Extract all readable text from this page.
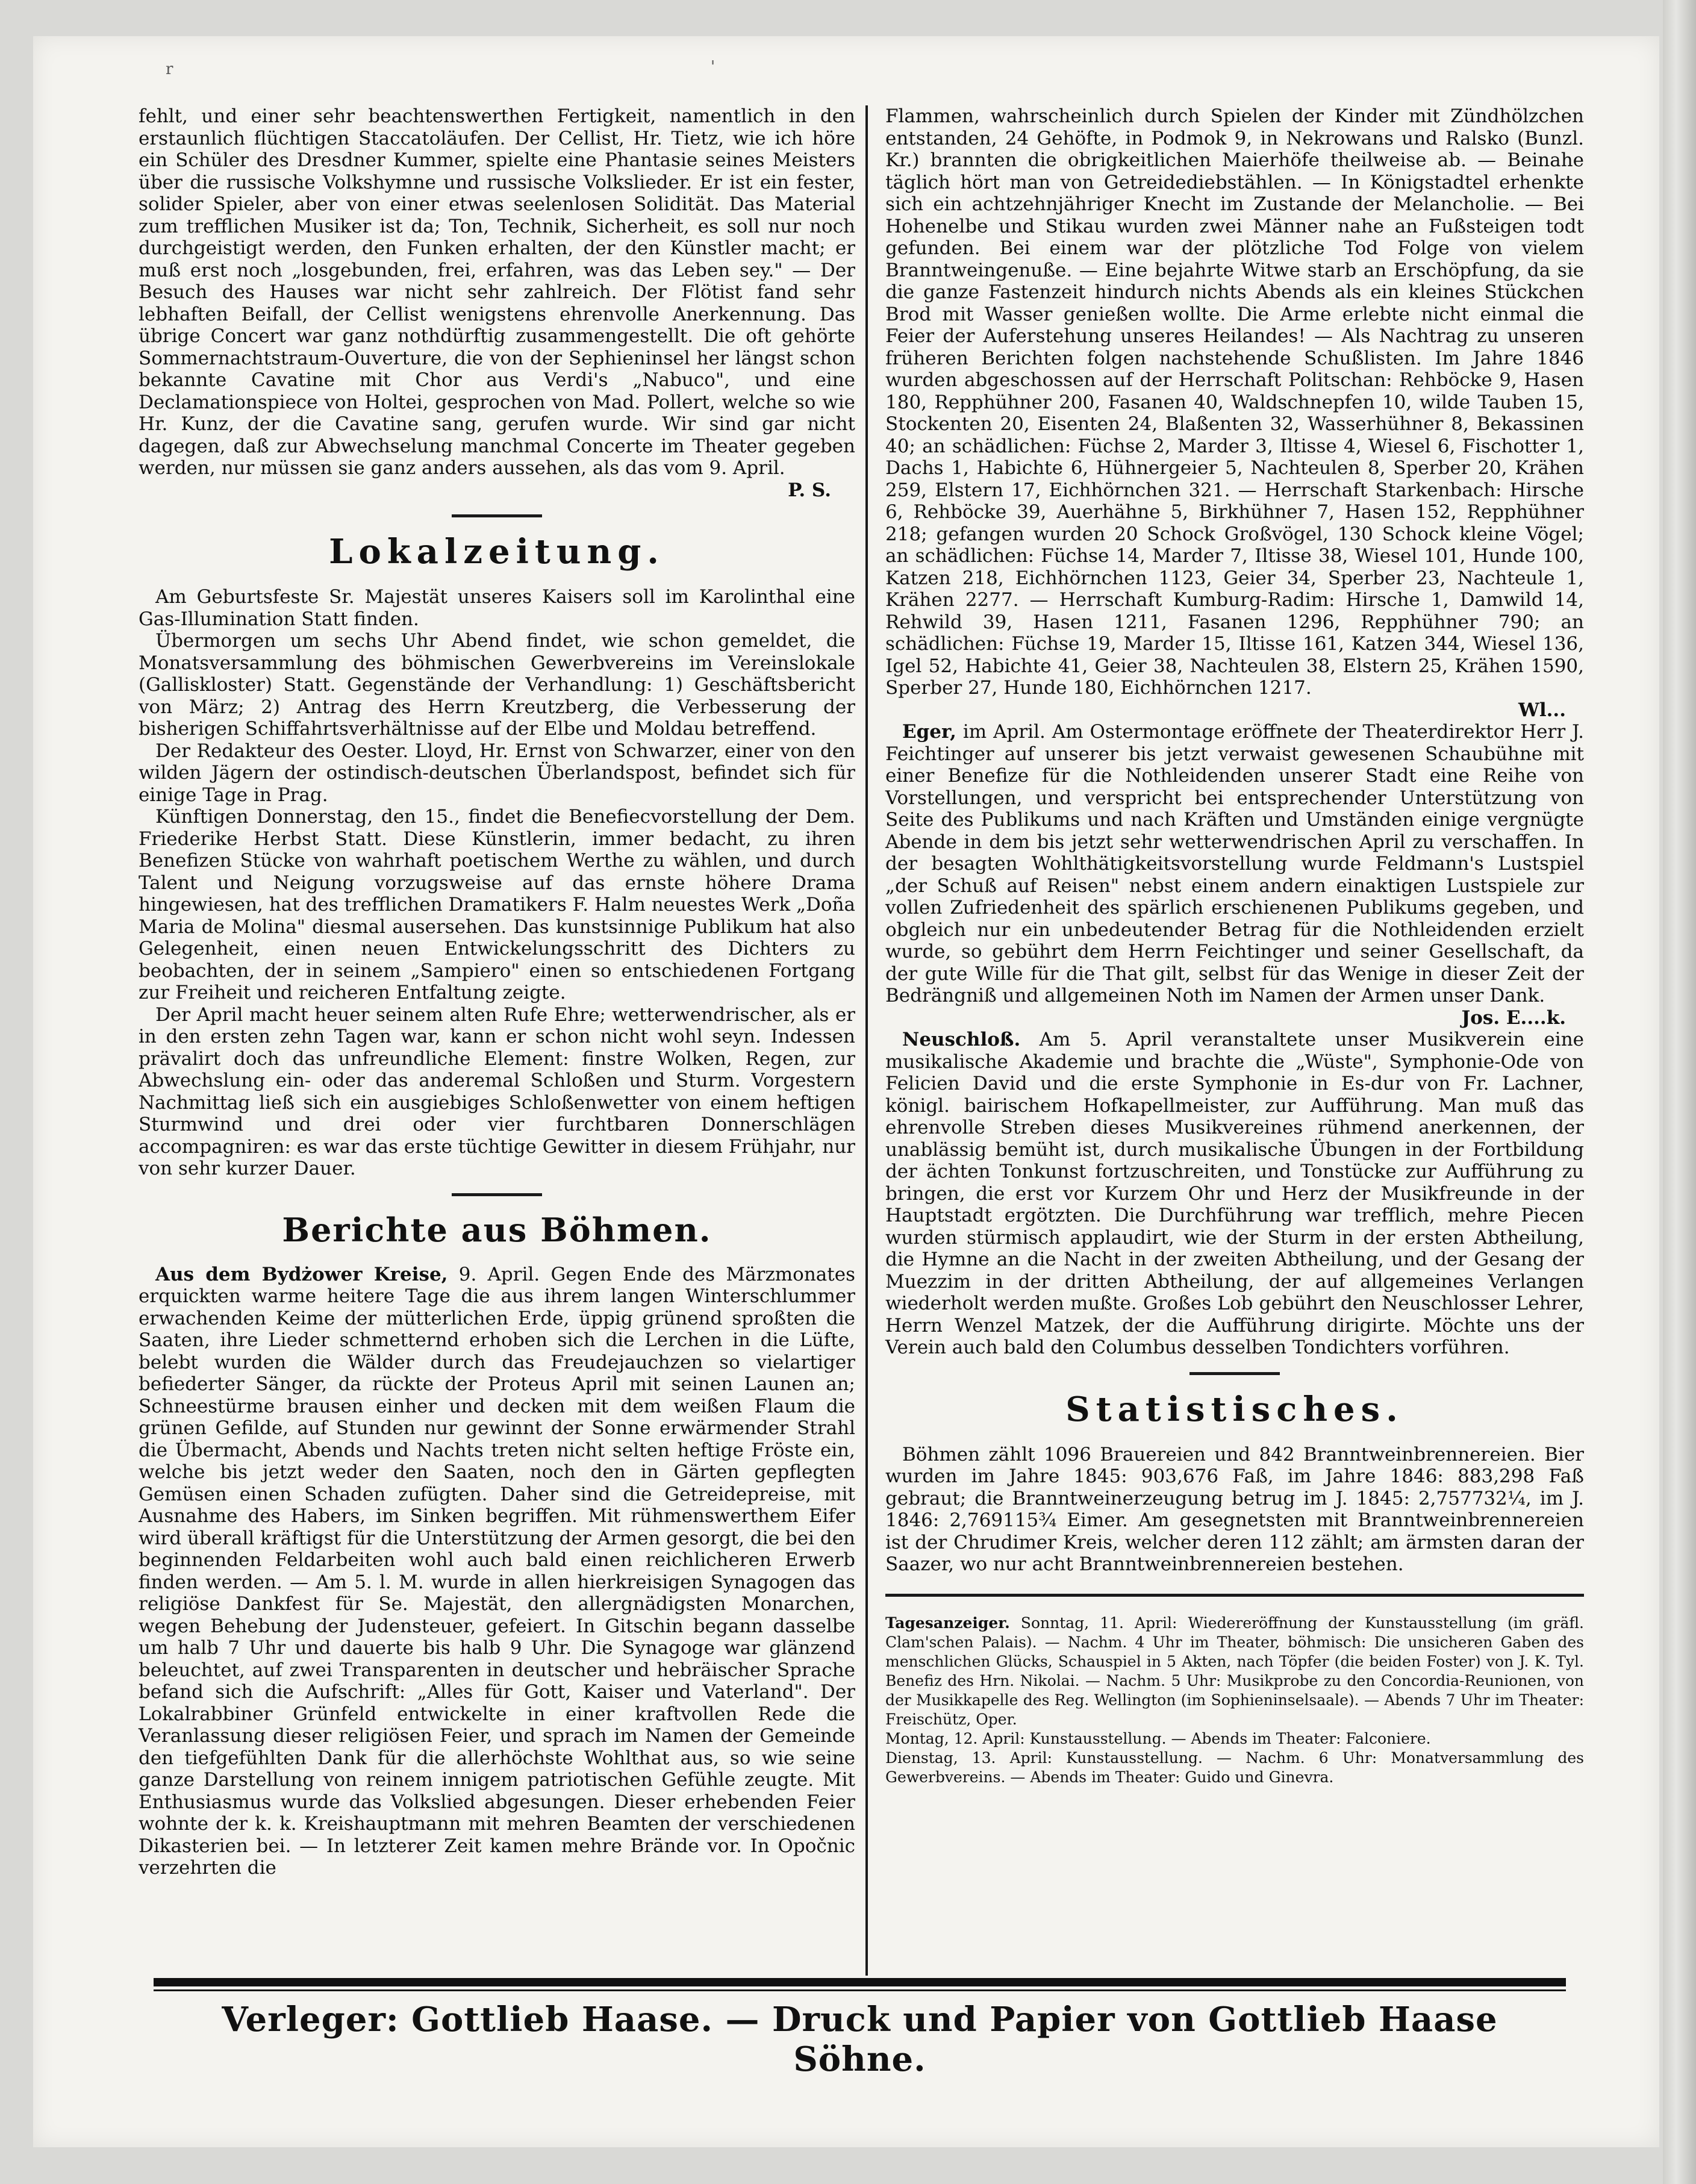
r	'

fehlt, und einer sehr beachtenswerthen Fertigkeit, namentlich in den erstaunlich flüchtigen Staccatoläufen. Der Cellist, Hr. Tietz, wie ich höre ein Schüler des Dresdner Kummer, spielte eine Phantasie seines Meisters über die russische Volkshymne und russische Volkslieder. Er ist ein fester, solider Spieler, aber von einer etwas seelenlosen Solidität. Das Material zum trefflichen Musiker ist da; Ton, Technik, Sicherheit, es soll nur noch durchgeistigt werden, den Funken erhalten, der den Künstler macht; er muß erst noch „losgebunden, frei, erfahren, was das Leben sey." — Der Besuch des Hauses war nicht sehr zahlreich. Der Flötist fand sehr lebhaften Beifall, der Cellist wenigstens ehrenvolle Anerkennung. Das übrige Concert war ganz nothdürftig zusammengestellt. Die oft gehörte Sommernachtstraum-Ouverture, die von der Sephieninsel her längst schon bekannte Cavatine mit Chor aus Verdi's „Nabuco", und eine Declamationspiece von Holtei, gesprochen von Mad. Pollert, welche so wie Hr. Kunz, der die Cavatine sang, gerufen wurde. Wir sind gar nicht dagegen, daß zur Abwechselung manchmal Concerte im Theater gegeben werden, nur müssen sie ganz anders aussehen, als das vom 9. April.

P. S.

Lokalzeitung.

Am Geburtsfeste Sr. Majestät unseres Kaisers soll im Karolinthal eine Gas-Illumination Statt finden.

Übermorgen um sechs Uhr Abend findet, wie schon gemeldet, die Monatsversammlung des böhmischen Gewerbvereins im Vereinslokale (Galliskloster) Statt. Gegenstände der Verhandlung: 1) Geschäftsbericht von März; 2) Antrag des Herrn Kreutzberg, die Verbesserung der bisherigen Schiffahrtsverhältnisse auf der Elbe und Moldau betreffend.

Der Redakteur des Oester. Lloyd, Hr. Ernst von Schwarzer, einer von den wilden Jägern der ostindisch-deutschen Überlandspost, befindet sich für einige Tage in Prag.

Künftigen Donnerstag, den 15., findet die Benefiecvorstellung der Dem. Friederike Herbst Statt. Diese Künstlerin, immer bedacht, zu ihren Benefizen Stücke von wahrhaft poetischem Werthe zu wählen, und durch Talent und Neigung vorzugsweise auf das ernste höhere Drama hingewiesen, hat des trefflichen Dramatikers F. Halm neuestes Werk „Doña Maria de Molina" diesmal ausersehen. Das kunstsinnige Publikum hat also Gelegenheit, einen neuen Entwickelungsschritt des Dichters zu beobachten, der in seinem „Sampiero" einen so entschiedenen Fortgang zur Freiheit und reicheren Entfaltung zeigte.

Der April macht heuer seinem alten Rufe Ehre; wetterwendrischer, als er in den ersten zehn Tagen war, kann er schon nicht wohl seyn. Indessen prävalirt doch das unfreundliche Element: finstre Wolken, Regen, zur Abwechslung ein- oder das anderemal Schloßen und Sturm. Vorgestern Nachmittag ließ sich ein ausgiebiges Schloßenwetter von einem heftigen Sturmwind und drei oder vier furchtbaren Donnerschlägen accompagniren: es war das erste tüchtige Gewitter in diesem Frühjahr, nur von sehr kurzer Dauer.

Berichte aus Böhmen.

Aus dem Bydżower Kreise, 9. April. Gegen Ende des Märzmonates erquickten warme heitere Tage die aus ihrem langen Winterschlummer erwachenden Keime der mütterlichen Erde, üppig grünend sproßten die Saaten, ihre Lieder schmetternd erhoben sich die Lerchen in die Lüfte, belebt wurden die Wälder durch das Freudejauchzen so vielartiger befiederter Sänger, da rückte der Proteus April mit seinen Launen an; Schneestürme brausen einher und decken mit dem weißen Flaum die grünen Gefilde, auf Stunden nur gewinnt der Sonne erwärmender Strahl die Übermacht, Abends und Nachts treten nicht selten heftige Fröste ein, welche bis jetzt weder den Saaten, noch den in Gärten gepflegten Gemüsen einen Schaden zufügten. Daher sind die Getreidepreise, mit Ausnahme des Habers, im Sinken begriffen. Mit rühmenswerthem Eifer wird überall kräftigst für die Unterstützung der Armen gesorgt, die bei den beginnenden Feldarbeiten wohl auch bald einen reichlicheren Erwerb finden werden. — Am 5. l. M. wurde in allen hierkreisigen Synagogen das religiöse Dankfest für Se. Majestät, den allergnädigsten Monarchen, wegen Behebung der Judensteuer, gefeiert. In Gitschin begann dasselbe um halb 7 Uhr und dauerte bis halb 9 Uhr. Die Synagoge war glänzend beleuchtet, auf zwei Transparenten in deutscher und hebräischer Sprache befand sich die Aufschrift: „Alles für Gott, Kaiser und Vaterland". Der Lokalrabbiner Grünfeld entwickelte in einer kraftvollen Rede die Veranlassung dieser religiösen Feier, und sprach im Namen der Gemeinde den tiefgefühlten Dank für die allerhöchste Wohlthat aus, so wie seine ganze Darstellung von reinem innigem patriotischen Gefühle zeugte. Mit Enthusiasmus wurde das Volkslied abgesungen. Dieser erhebenden Feier wohnte der k. k. Kreishauptmann mit mehren Beamten der verschiedenen Dikasterien bei. — In letzterer Zeit kamen mehre Brände vor. In Opočnic verzehrten die

Flammen, wahrscheinlich durch Spielen der Kinder mit Zündhölzchen entstanden, 24 Gehöfte, in Podmok 9, in Nekrowans und Ralsko (Bunzl. Kr.) brannten die obrigkeitlichen Maierhöfe theilweise ab. — Beinahe täglich hört man von Getreidediebstählen. — In Königstadtel erhenkte sich ein achtzehnjähriger Knecht im Zustande der Melancholie. — Bei Hohenelbe und Stikau wurden zwei Männer nahe an Fußsteigen todt gefunden. Bei einem war der plötzliche Tod Folge von vielem Branntweingenuße. — Eine bejahrte Witwe starb an Erschöpfung, da sie die ganze Fastenzeit hindurch nichts Abends als ein kleines Stückchen Brod mit Wasser genießen wollte. Die Arme erlebte nicht einmal die Feier der Auferstehung unseres Heilandes! — Als Nachtrag zu unseren früheren Berichten folgen nachstehende Schußlisten. Im Jahre 1846 wurden abgeschossen auf der Herrschaft Politschan: Rehböcke 9, Hasen 180, Repphühner 200, Fasanen 40, Waldschnepfen 10, wilde Tauben 15, Stockenten 20, Eisenten 24, Blaßenten 32, Wasserhühner 8, Bekassinen 40; an schädlichen: Füchse 2, Marder 3, Iltisse 4, Wiesel 6, Fischotter 1, Dachs 1, Habichte 6, Hühnergeier 5, Nachteulen 8, Sperber 20, Krähen 259, Elstern 17, Eichhörnchen 321. — Herrschaft Starkenbach: Hirsche 6, Rehböcke 39, Auerhähne 5, Birkhühner 7, Hasen 152, Repphühner 218; gefangen wurden 20 Schock Großvögel, 130 Schock kleine Vögel; an schädlichen: Füchse 14, Marder 7, Iltisse 38, Wiesel 101, Hunde 100, Katzen 218, Eichhörnchen 1123, Geier 34, Sperber 23, Nachteule 1, Krähen 2277. — Herrschaft Kumburg-Radim: Hirsche 1, Damwild 14, Rehwild 39, Hasen 1211, Fasanen 1296, Repphühner 790; an schädlichen: Füchse 19, Marder 15, Iltisse 161, Katzen 344, Wiesel 136, Igel 52, Habichte 41, Geier 38, Nachteulen 38, Elstern 25, Krähen 1590, Sperber 27, Hunde 180, Eichhörnchen 1217.

Wl...

Eger, im April. Am Ostermontage eröffnete der Theaterdirektor Herr J. Feichtinger auf unserer bis jetzt verwaist gewesenen Schaubühne mit einer Benefize für die Nothleidenden unserer Stadt eine Reihe von Vorstellungen, und verspricht bei entsprechender Unterstützung von Seite des Publikums und nach Kräften und Umständen einige vergnügte Abende in dem bis jetzt sehr wetterwendrischen April zu verschaffen. In der besagten Wohlthätigkeitsvorstellung wurde Feldmann's Lustspiel „der Schuß auf Reisen" nebst einem andern einaktigen Lustspiele zur vollen Zufriedenheit des spärlich erschienenen Publikums gegeben, und obgleich nur ein unbedeutender Betrag für die Nothleidenden erzielt wurde, so gebührt dem Herrn Feichtinger und seiner Gesellschaft, da der gute Wille für die That gilt, selbst für das Wenige in dieser Zeit der Bedrängniß und allgemeinen Noth im Namen der Armen unser Dank.

Jos. E....k.

Neuschloß. Am 5. April veranstaltete unser Musikverein eine musikalische Akademie und brachte die „Wüste", Symphonie-Ode von Felicien David und die erste Symphonie in Es-dur von Fr. Lachner, königl. bairischem Hofkapellmeister, zur Aufführung. Man muß das ehrenvolle Streben dieses Musikvereines rühmend anerkennen, der unablässig bemüht ist, durch musikalische Übungen in der Fortbildung der ächten Tonkunst fortzuschreiten, und Tonstücke zur Aufführung zu bringen, die erst vor Kurzem Ohr und Herz der Musikfreunde in der Hauptstadt ergötzten. Die Durchführung war trefflich, mehre Piecen wurden stürmisch applaudirt, wie der Sturm in der ersten Abtheilung, die Hymne an die Nacht in der zweiten Abtheilung, und der Gesang der Muezzim in der dritten Abtheilung, der auf allgemeines Verlangen wiederholt werden mußte. Großes Lob gebührt den Neuschlosser Lehrer, Herrn Wenzel Matzek, der die Aufführung dirigirte. Möchte uns der Verein auch bald den Columbus desselben Tondichters vorführen.

Statistisches.

Böhmen zählt 1096 Brauereien und 842 Branntweinbrennereien. Bier wurden im Jahre 1845: 903,676 Faß, im Jahre 1846: 883,298 Faß gebraut; die Branntweinerzeugung betrug im J. 1845: 2,757732¼, im J. 1846: 2,769115¾ Eimer. Am gesegnetsten mit Branntweinbrennereien ist der Chrudimer Kreis, welcher deren 112 zählt; am ärmsten daran der Saazer, wo nur acht Branntweinbrennereien bestehen.

Tagesanzeiger. Sonntag, 11. April: Wiedereröffnung der Kunstausstellung (im gräfl. Clam'schen Palais). — Nachm. 4 Uhr im Theater, böhmisch: Die unsicheren Gaben des menschlichen Glücks, Schauspiel in 5 Akten, nach Töpfer (die beiden Foster) von J. K. Tyl. Benefiz des Hrn. Nikolai. — Nachm. 5 Uhr: Musikprobe zu den Concordia-Reunionen, von der Musikkapelle des Reg. Wellington (im Sophieninselsaale). — Abends 7 Uhr im Theater: Freischütz, Oper.
Montag, 12. April: Kunstausstellung. — Abends im Theater: Falconiere.
Dienstag, 13. April: Kunstausstellung. — Nachm. 6 Uhr: Monatversammlung des Gewerbvereins. — Abends im Theater: Guido und Ginevra.
Verleger: Gottlieb Haase. — Druck und Papier von Gottlieb Haase Söhne.
